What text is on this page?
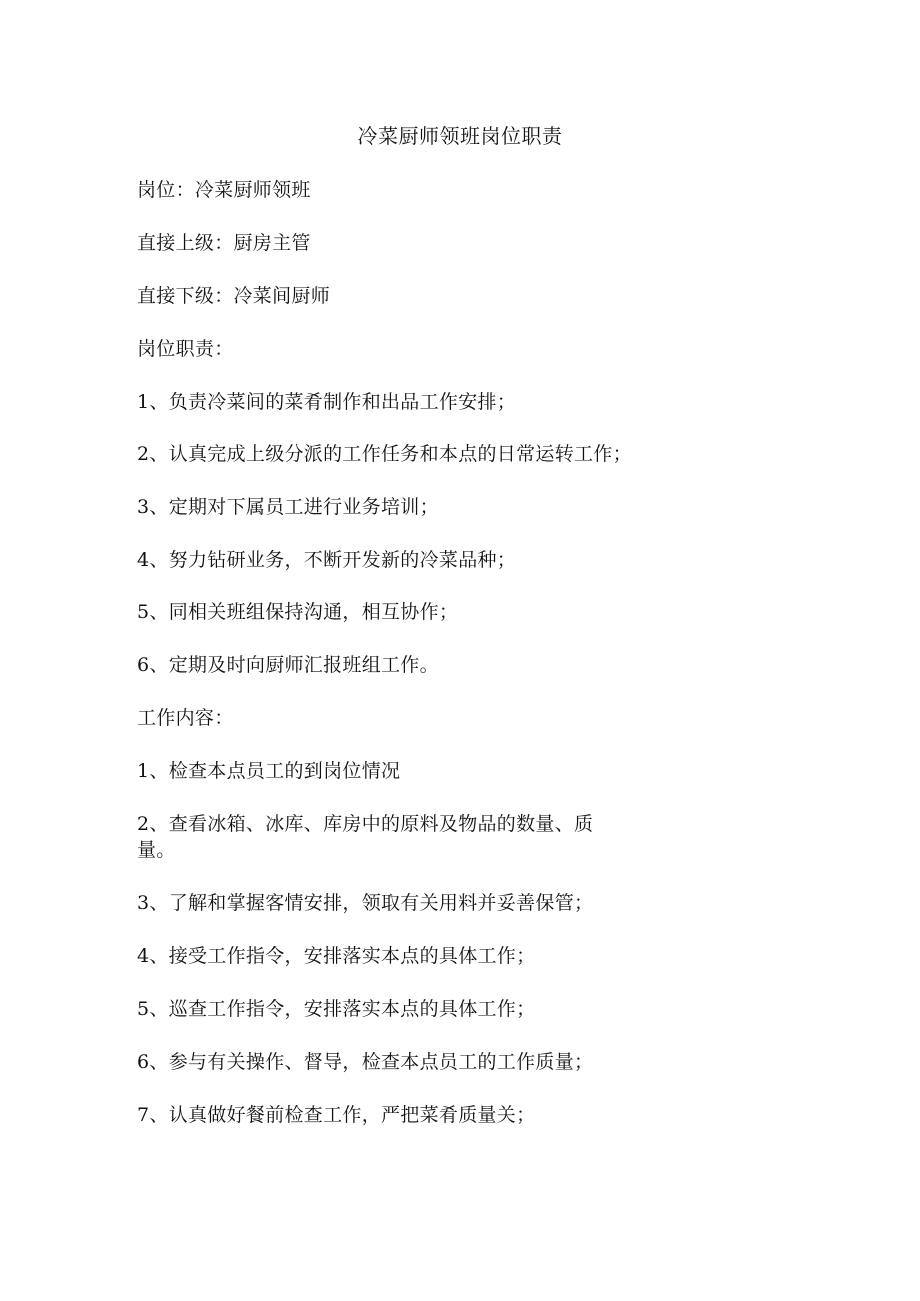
冷菜厨师领班岗位职责
岗位：冷菜厨师领班
直接上级：厨房主管
直接下级：冷菜间厨师
岗位职责：
1、负责冷菜间的菜肴制作和出品工作安排；
2、认真完成上级分派的工作任务和本点的日常运转工作；
3、定期对下属员工进行业务培训；
4、努力钻研业务，不断开发新的冷菜品种；
5、同相关班组保持沟通，相互协作；
6、定期及时向厨师汇报班组工作。
工作内容：
1、检查本点员工的到岗位情况
2、查看冰箱、冰库、库房中的原料及物品的数量、质
量。
3、了解和掌握客情安排，领取有关用料并妥善保管；
4、接受工作指令，安排落实本点的具体工作；
5、巡查工作指令，安排落实本点的具体工作；
6、参与有关操作、督导，检查本点员工的工作质量；
7、认真做好餐前检查工作，严把菜肴质量关；
